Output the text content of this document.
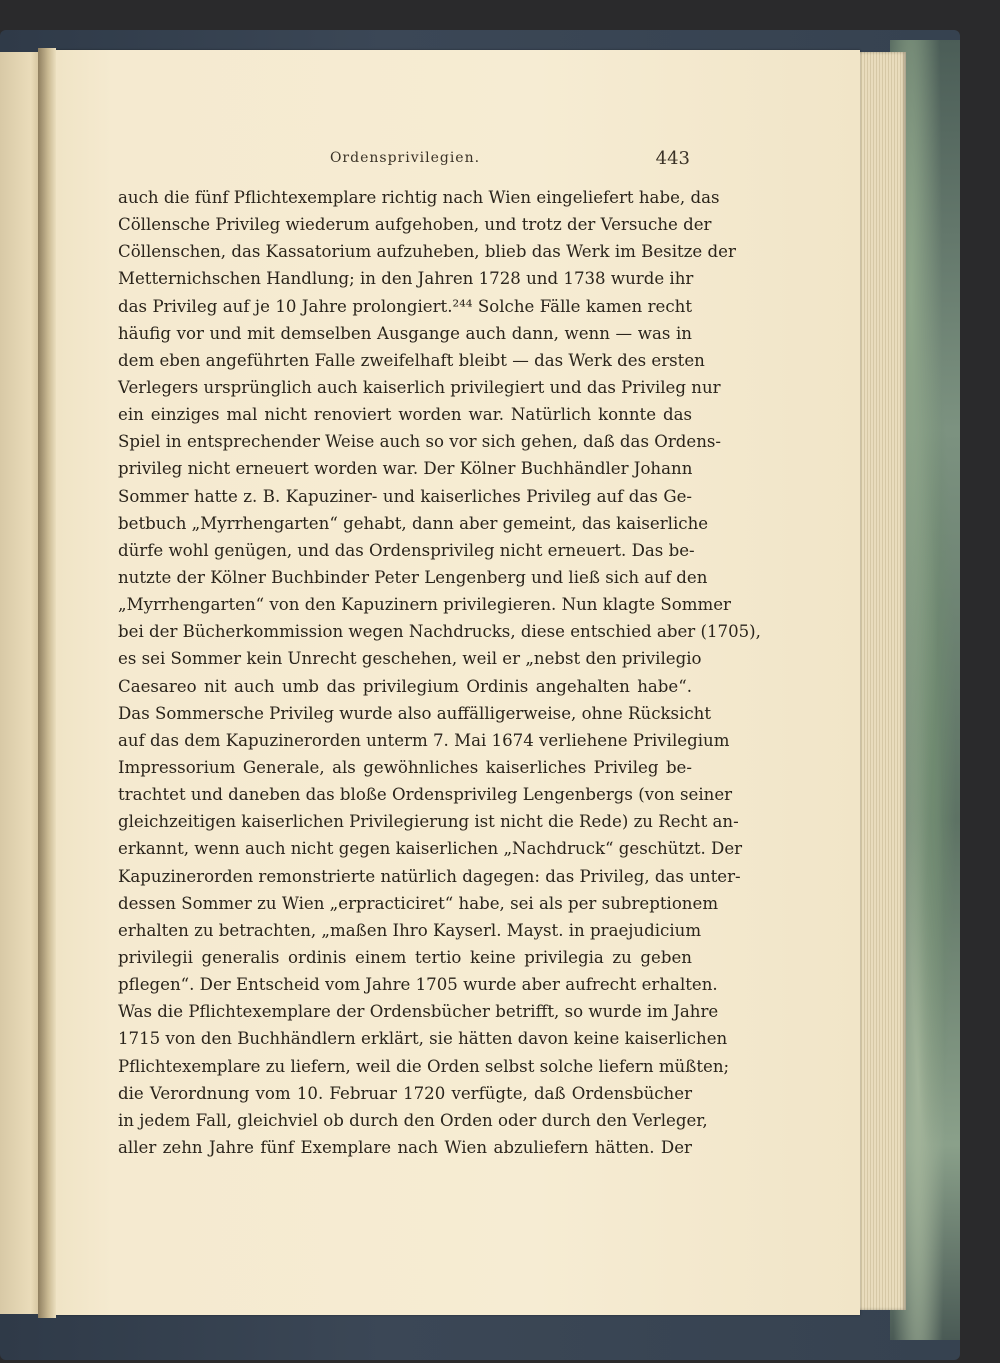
Ordensprivilegien.	443
auch die fünf Pflichtexemplare richtig nach Wien eingeliefert habe, das
Cöllensche Privileg wiederum aufgehoben, und trotz der Versuche der
Cöllenschen, das Kassatorium aufzuheben, blieb das Werk im Besitze der
Metternichschen Handlung; in den Jahren 1728 und 1738 wurde ihr
das Privileg auf je 10 Jahre prolongiert.²⁴⁴ Solche Fälle kamen recht
häufig vor und mit demselben Ausgange auch dann, wenn — was in
dem eben angeführten Falle zweifelhaft bleibt — das Werk des ersten
Verlegers ursprünglich auch kaiserlich privilegiert und das Privileg nur
ein einziges mal nicht renoviert worden war. Natürlich konnte das
Spiel in entsprechender Weise auch so vor sich gehen, daß das Ordens-
privileg nicht erneuert worden war. Der Kölner Buchhändler Johann
Sommer hatte z. B. Kapuziner- und kaiserliches Privileg auf das Ge-
betbuch „Myrrhengarten“ gehabt, dann aber gemeint, das kaiserliche
dürfe wohl genügen, und das Ordensprivileg nicht erneuert. Das be-
nutzte der Kölner Buchbinder Peter Lengenberg und ließ sich auf den
„Myrrhengarten“ von den Kapuzinern privilegieren. Nun klagte Sommer
bei der Bücherkommission wegen Nachdrucks, diese entschied aber (1705),
es sei Sommer kein Unrecht geschehen, weil er „nebst den privilegio
Caesareo nit auch umb das privilegium Ordinis angehalten habe“.
Das Sommersche Privileg wurde also auffälligerweise, ohne Rücksicht
auf das dem Kapuzinerorden unterm 7. Mai 1674 verliehene Privilegium
Impressorium Generale, als gewöhnliches kaiserliches Privileg be-
trachtet und daneben das bloße Ordensprivileg Lengenbergs (von seiner
gleichzeitigen kaiserlichen Privilegierung ist nicht die Rede) zu Recht an-
erkannt, wenn auch nicht gegen kaiserlichen „Nachdruck“ geschützt. Der
Kapuzinerorden remonstrierte natürlich dagegen: das Privileg, das unter-
dessen Sommer zu Wien „erpracticiret“ habe, sei als per subreptionem
erhalten zu betrachten, „maßen Ihro Kayserl. Mayst. in praejudicium
privilegii generalis ordinis einem tertio keine privilegia zu geben
pflegen“. Der Entscheid vom Jahre 1705 wurde aber aufrecht erhalten.
Was die Pflichtexemplare der Ordensbücher betrifft, so wurde im Jahre
1715 von den Buchhändlern erklärt, sie hätten davon keine kaiserlichen
Pflichtexemplare zu liefern, weil die Orden selbst solche liefern müßten;
die Verordnung vom 10. Februar 1720 verfügte, daß Ordensbücher
in jedem Fall, gleichviel ob durch den Orden oder durch den Verleger,
aller zehn Jahre fünf Exemplare nach Wien abzuliefern hätten. Der
